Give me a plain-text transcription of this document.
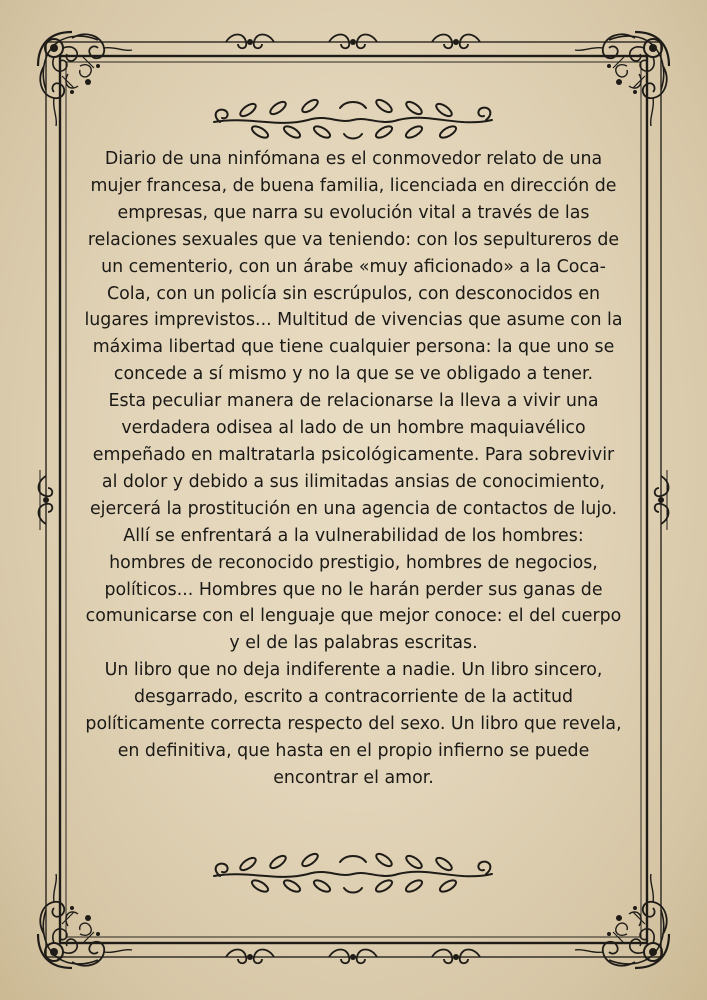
Diario de una ninfómana es el conmovedor relato de una mujer francesa, de buena familia, licenciada en dirección de empresas, que narra su evolución vital a través de las relaciones sexuales que va teniendo: con los sepultureros de un cementerio, con un árabe «muy aficionado» a la Coca-Cola, con un policía sin escrúpulos, con desconocidos en lugares imprevistos... Multitud de vivencias que asume con la máxima libertad que tiene cualquier persona: la que uno se concede a sí mismo y no la que se ve obligado a tener.

Esta peculiar manera de relacionarse la lleva a vivir una verdadera odisea al lado de un hombre maquiavélico empeñado en maltratarla psicológicamente. Para sobrevivir al dolor y debido a sus ilimitadas ansias de conocimiento, ejercerá la prostitución en una agencia de contactos de lujo. Allí se enfrentará a la vulnerabilidad de los hombres: hombres de reconocido prestigio, hombres de negocios, políticos... Hombres que no le harán perder sus ganas de comunicarse con el lenguaje que mejor conoce: el del cuerpo y el de las palabras escritas.

Un libro que no deja indiferente a nadie. Un libro sincero, desgarrado, escrito a contracorriente de la actitud políticamente correcta respecto del sexo. Un libro que revela, en definitiva, que hasta en el propio infierno se puede encontrar el amor.
